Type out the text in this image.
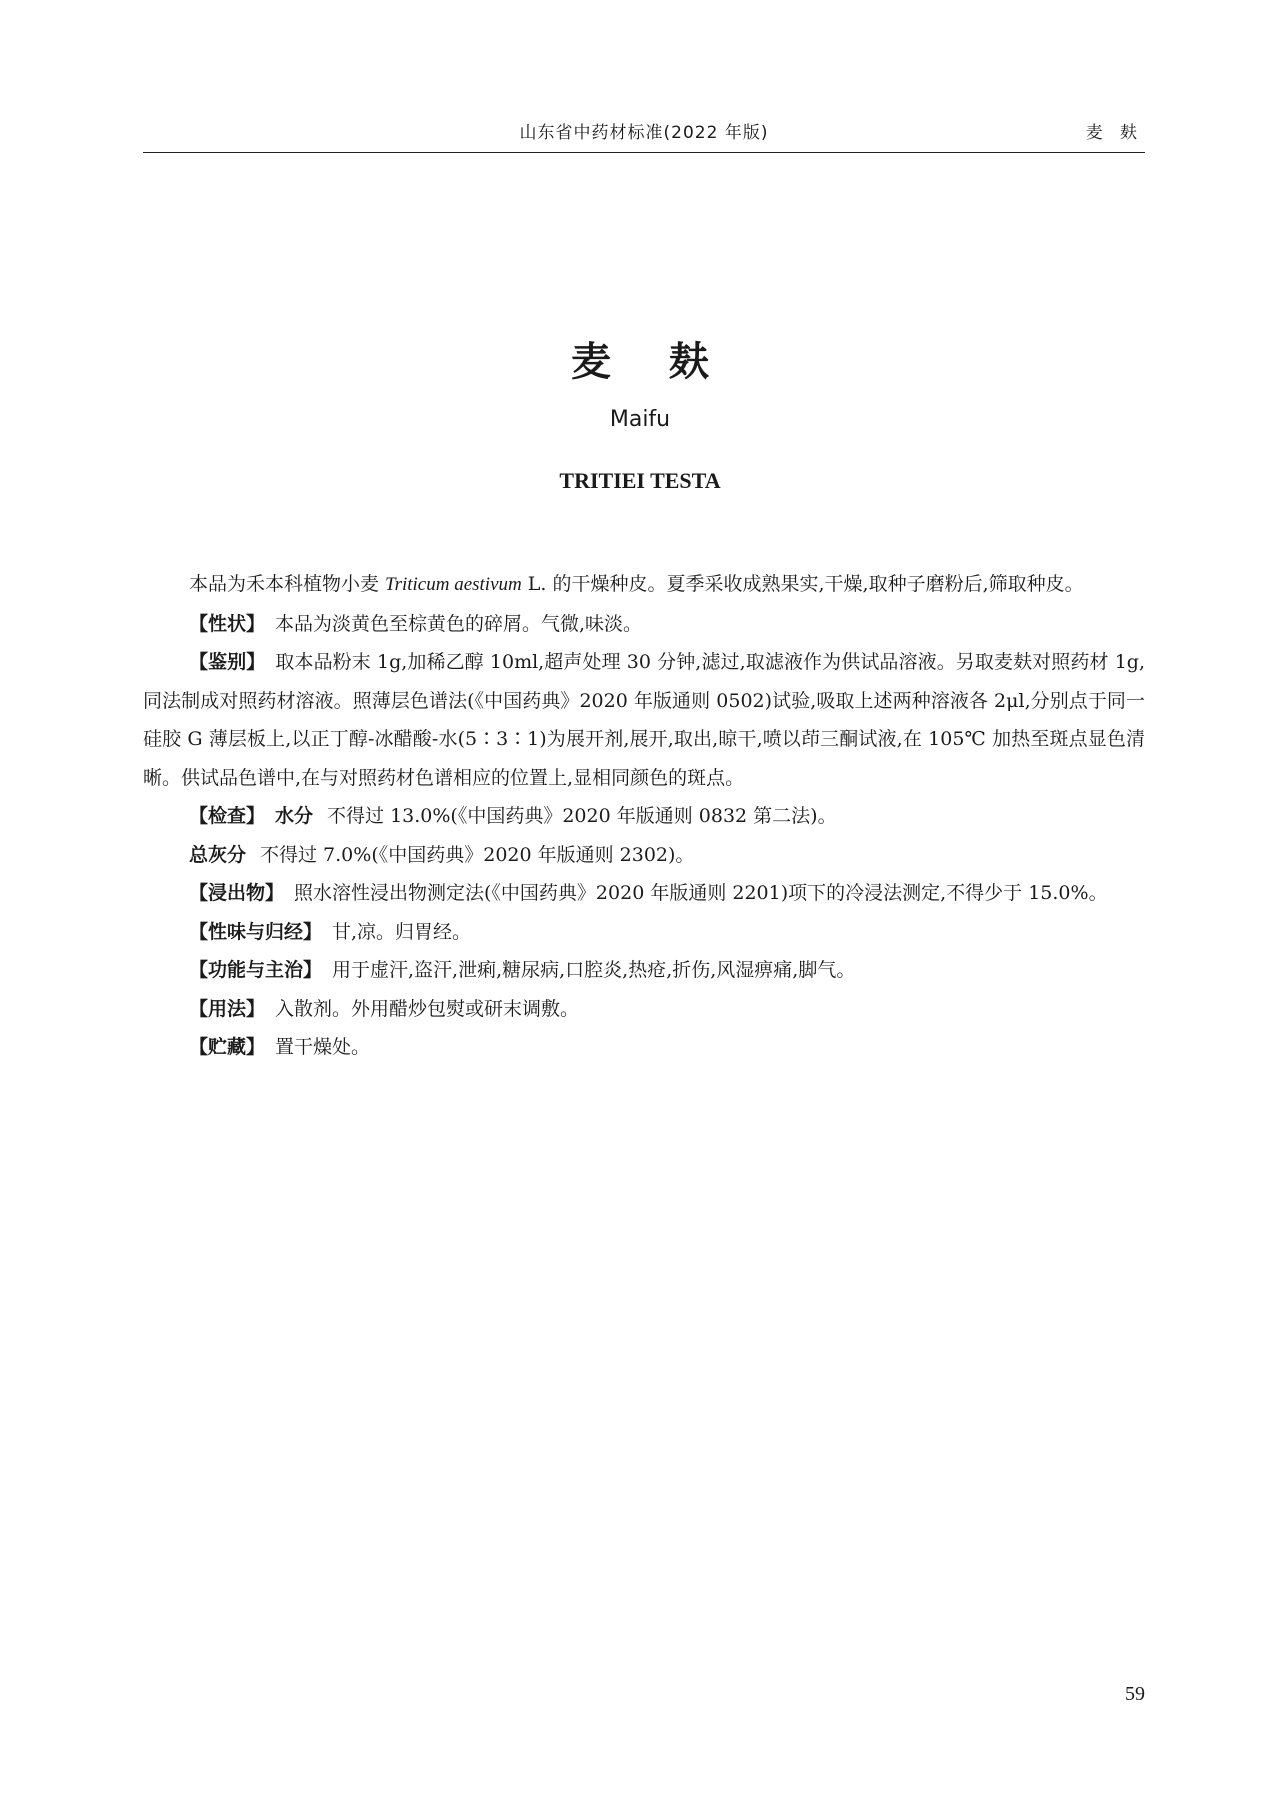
山东省中药材标准(2022 年版)	麦 麸
麦 麸
Maifu
TRITIEI TESTA

本品为禾本科植物小麦 Triticum aestivum L. 的干燥种皮。夏季采收成熟果实,干燥,取种子磨粉后,筛取种皮。

【性状】 本品为淡黄色至棕黄色的碎屑。气微,味淡。

【鉴别】 取本品粉末 1g,加稀乙醇 10ml,超声处理 30 分钟,滤过,取滤液作为供试品溶液。另取麦麸对照药材 1g,同法制成对照药材溶液。照薄层色谱法(《中国药典》2020 年版通则 0502)试验,吸取上述两种溶液各 2μl,分别点于同一硅胶 G 薄层板上,以正丁醇-冰醋酸-水(5∶3∶1)为展开剂,展开,取出,晾干,喷以茚三酮试液,在 105℃ 加热至斑点显色清晰。供试品色谱中,在与对照药材色谱相应的位置上,显相同颜色的斑点。

【检查】 水分 不得过 13.0%(《中国药典》2020 年版通则 0832 第二法)。

总灰分 不得过 7.0%(《中国药典》2020 年版通则 2302)。

【浸出物】 照水溶性浸出物测定法(《中国药典》2020 年版通则 2201)项下的冷浸法测定,不得少于 15.0%。

【性味与归经】 甘,凉。归胃经。

【功能与主治】 用于虚汗,盗汗,泄痢,糖尿病,口腔炎,热疮,折伤,风湿痹痛,脚气。

【用法】 入散剂。外用醋炒包熨或研末调敷。

【贮藏】 置干燥处。

59
